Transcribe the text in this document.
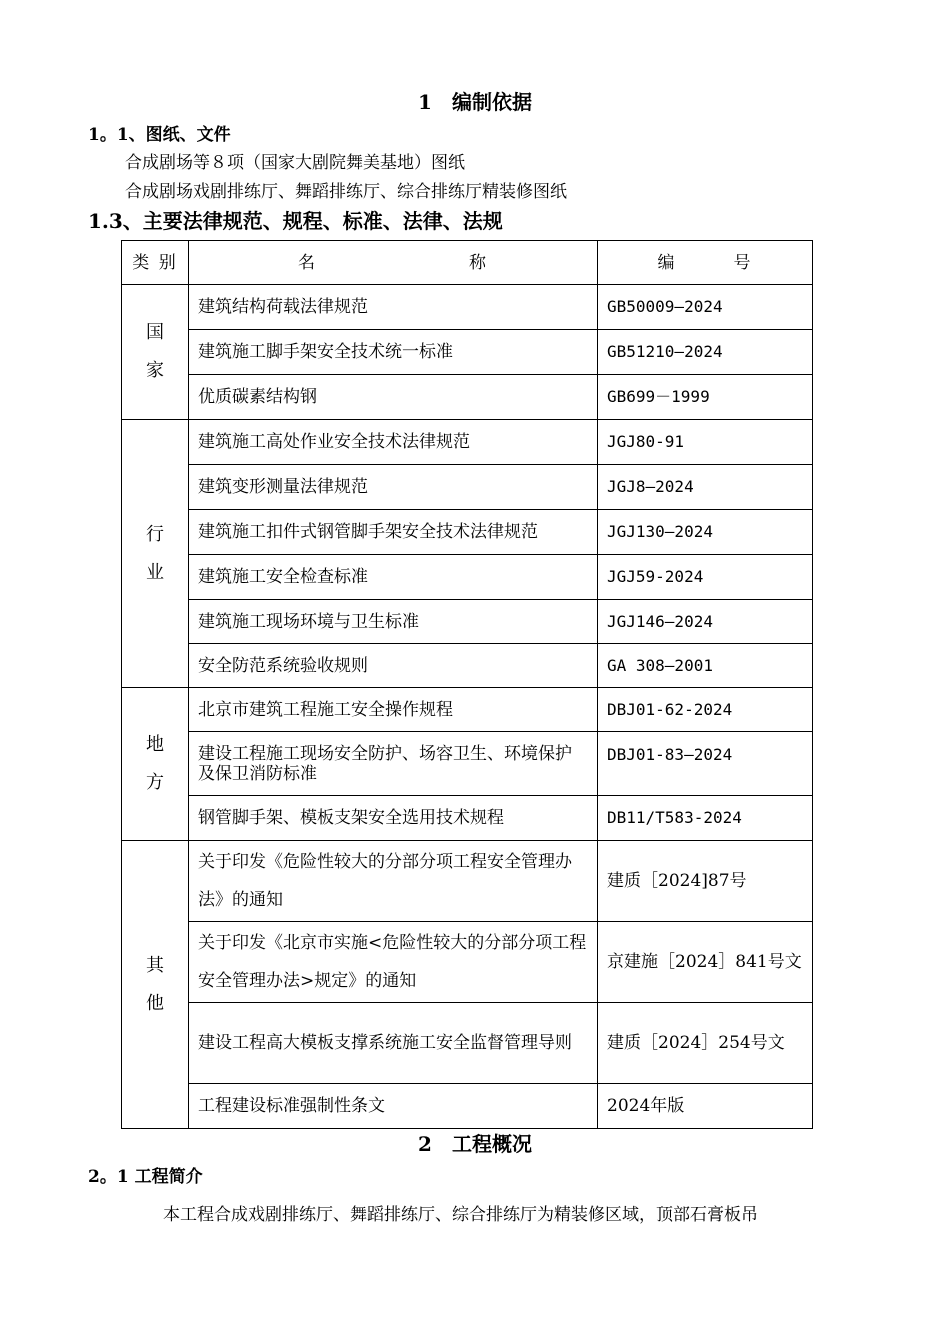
1　编制依据
1。1、图纸、文件
合成剧场等８项（国家大剧院舞美基地）图纸
合成剧场戏剧排练厅、舞蹈排练厅、综合排练厅精装修图纸
1.3、主要法律规范、规程、标准、法律、法规
类 别	名　　　　　　　　称	编　　　号
国
家	建筑结构荷载法律规范	GB50009—2024
	建筑施工脚手架安全技术统一标准	GB51210—2024
	优质碳素结构钢	GB699－1999
行
业	建筑施工高处作业安全技术法律规范	JGJ80-91
	建筑变形测量法律规范	JGJ8—2024
	建筑施工扣件式钢管脚手架安全技术法律规范	JGJ130—2024
	建筑施工安全检查标准	JGJ59-2024
	建筑施工现场环境与卫生标准	JGJ146—2024
	安全防范系统验收规则	GA 308—2001
地
方	北京市建筑工程施工安全操作规程	DBJ01-62-2024
	建设工程施工现场安全防护、场容卫生、环境保护及保卫消防标准	DBJ01-83—2024
	钢管脚手架、模板支架安全选用技术规程	DB11/T583-2024
其
他	关于印发《危险性较大的分部分项工程安全管理办法》的通知	建质［2024]87号
	关于印发《北京市实施<危险性较大的分部分项工程安全管理办法>规定》的通知	京建施［2024］841号文
	建设工程高大模板支撑系统施工安全监督管理导则	建质［2024］254号文
	工程建设标准强制性条文	2024年版
2　工程概况
2。1 工程简介
本工程合成戏剧排练厅、舞蹈排练厅、综合排练厅为精装修区域，顶部石膏板吊
